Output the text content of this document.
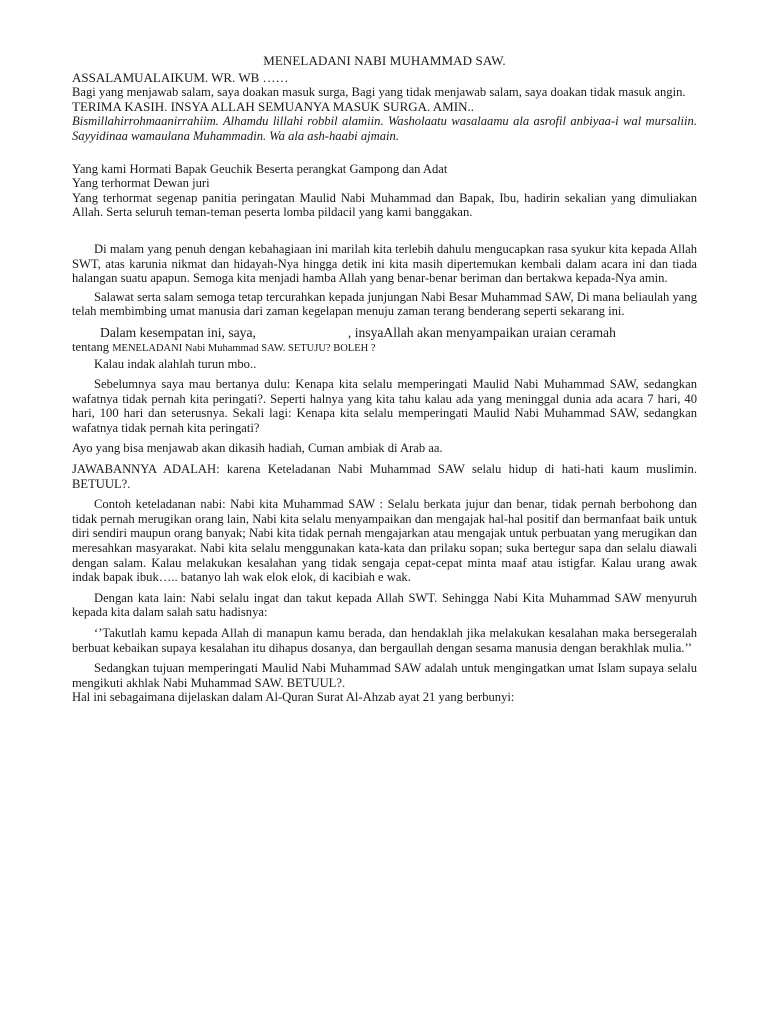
MENELADANI NABI MUHAMMAD SAW.

ASSALAMUALAIKUM. WR. WB ……

Bagi yang menjawab salam, saya doakan masuk surga, Bagi yang tidak menjawab salam, saya doakan tidak masuk angin.

TERIMA KASIH. INSYA ALLAH SEMUANYA MASUK SURGA. AMIN..

Bismillahirrohmaanirrahiim. Alhamdu lillahi robbil alamiin. Washolaatu wasalaamu ala asrofil anbiyaa-i wal mursaliin. Sayyidinaa wamaulana Muhammadin. Wa ala ash-haabi ajmain.

Yang kami Hormati Bapak Geuchik Beserta perangkat Gampong dan Adat

Yang terhormat Dewan juri

Yang terhormat segenap panitia peringatan Maulid Nabi Muhammad dan Bapak, Ibu, hadirin sekalian yang dimuliakan Allah. Serta seluruh teman-teman peserta lomba pildacil yang kami banggakan.

Di malam yang penuh dengan kebahagiaan ini marilah kita terlebih dahulu mengucapkan rasa syukur kita kepada Allah SWT, atas karunia nikmat dan hidayah-Nya hingga detik ini kita masih dipertemukan kembali dalam acara ini dan tiada halangan suatu apapun. Semoga kita menjadi hamba Allah yang benar-benar beriman dan bertakwa kepada-Nya amin.

Salawat serta salam semoga tetap tercurahkan kepada junjungan Nabi Besar Muhammad SAW, Di mana beliaulah yang telah membimbing umat manusia dari zaman kegelapan menuju zaman terang benderang seperti sekarang ini.

Dalam kesempatan ini, saya,	, insyaAllah akan menyampaikan uraian ceramah

tentang MENELADANI Nabi Muhammad SAW. SETUJU? BOLEH ?

Kalau indak alahlah turun mbo..

Sebelumnya saya mau bertanya dulu: Kenapa kita selalu memperingati Maulid Nabi Muhammad SAW, sedangkan wafatnya tidak pernah kita peringati?. Seperti halnya yang kita tahu kalau ada yang meninggal dunia ada acara 7 hari, 40 hari, 100 hari dan seterusnya. Sekali lagi: Kenapa kita selalu memperingati Maulid Nabi Muhammad SAW, sedangkan wafatnya tidak pernah kita peringati?

Ayo yang bisa menjawab akan dikasih hadiah, Cuman ambiak di Arab aa.

JAWABANNYA ADALAH: karena Keteladanan Nabi Muhammad SAW selalu hidup di hati-hati kaum muslimin. BETUUL?.

Contoh keteladanan nabi: Nabi kita Muhammad SAW : Selalu berkata jujur dan benar, tidak pernah berbohong dan tidak pernah merugikan orang lain, Nabi kita selalu menyampaikan dan mengajak hal-hal positif dan bermanfaat baik untuk diri sendiri maupun orang banyak; Nabi kita tidak pernah mengajarkan atau mengajak untuk perbuatan yang merugikan dan meresahkan masyarakat. Nabi kita selalu menggunakan kata-kata dan prilaku sopan; suka bertegur sapa dan selalu diawali dengan salam. Kalau melakukan kesalahan yang tidak sengaja cepat-cepat minta maaf atau istigfar. Kalau urang awak indak bapak ibuk….. batanyo lah wak elok elok, di kacibiah e wak.

Dengan kata lain: Nabi selalu ingat dan takut kepada Allah SWT. Sehingga Nabi Kita Muhammad SAW menyuruh kepada kita dalam salah satu hadisnya:

‘’Takutlah kamu kepada Allah di manapun kamu berada, dan hendaklah jika melakukan kesalahan maka bersegeralah berbuat kebaikan supaya kesalahan itu dihapus dosanya, dan bergaullah dengan sesama manusia dengan berakhlak mulia.’’

Sedangkan tujuan memperingati Maulid Nabi Muhammad SAW adalah untuk mengingatkan umat Islam supaya selalu mengikuti akhlak Nabi Muhammad SAW. BETUUL?.

Hal ini sebagaimana dijelaskan dalam Al-Quran Surat Al-Ahzab ayat 21 yang berbunyi:
